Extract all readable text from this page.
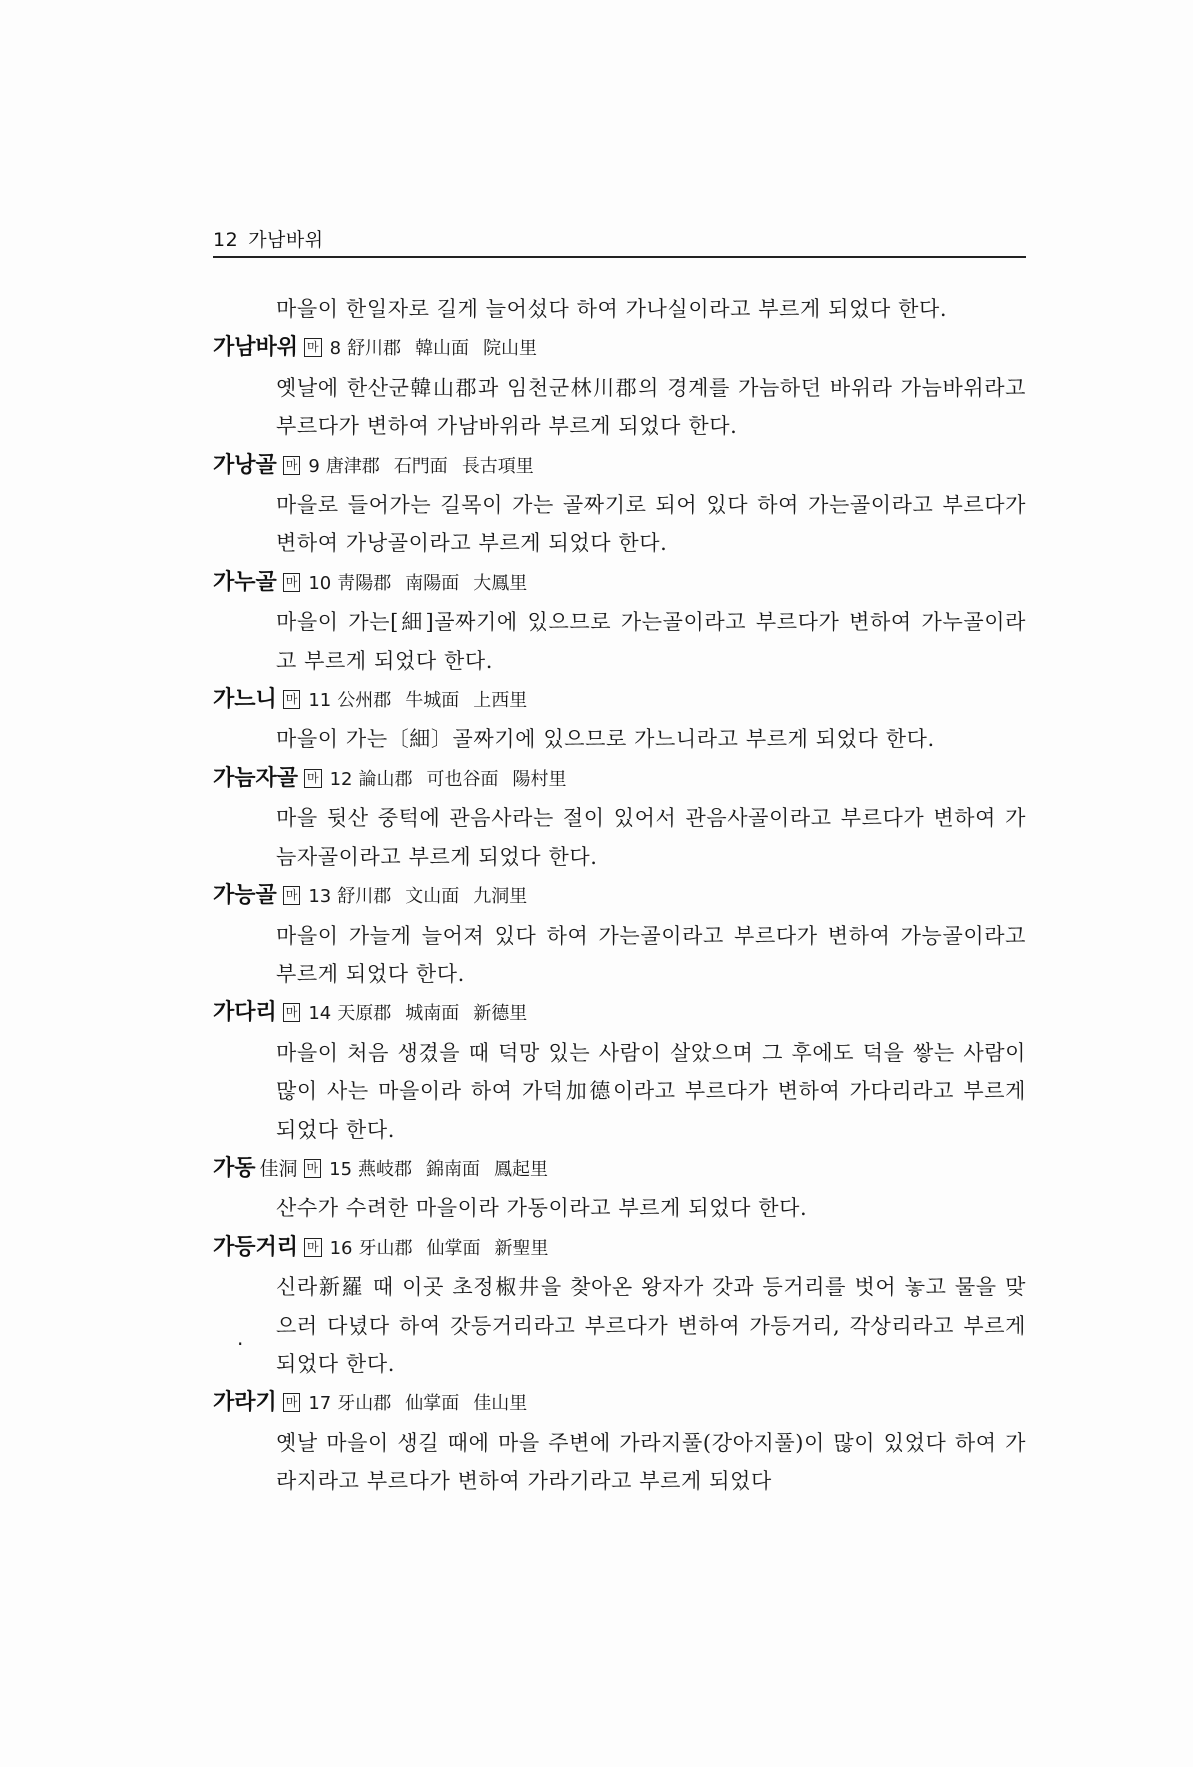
12 가남바위
마을이 한일자로 길게 늘어섰다 하여 가나실이라고 부르게 되었다 한다.
가남바위 마 8 舒川郡 韓山面 院山里
옛날에 한산군韓山郡과 임천군林川郡의 경계를 가늠하던 바위라 가늠바위라고 부르다가 변하여 가남바위라 부르게 되었다 한다.
가낭골 마 9 唐津郡 石門面 長古項里
마을로 들어가는 길목이 가는 골짜기로 되어 있다 하여 가는골이라고 부르다가 변하여 가낭골이라고 부르게 되었다 한다.
가누골 마 10 靑陽郡 南陽面 大鳳里
마을이 가는[細]골짜기에 있으므로 가는골이라고 부르다가 변하여 가누골이라고 부르게 되었다 한다.
가느니 마 11 公州郡 牛城面 上西里
마을이 가는〔細〕골짜기에 있으므로 가느니라고 부르게 되었다 한다.
가늠자골 마 12 論山郡 可也谷面 陽村里
마을 뒷산 중턱에 관음사라는 절이 있어서 관음사골이라고 부르다가 변하여 가늠자골이라고 부르게 되었다 한다.
가능골 마 13 舒川郡 文山面 九洞里
마을이 가늘게 늘어져 있다 하여 가는골이라고 부르다가 변하여 가능골이라고 부르게 되었다 한다.
가다리 마 14 天原郡 城南面 新德里
마을이 처음 생겼을 때 덕망 있는 사람이 살았으며 그 후에도 덕을 쌓는 사람이 많이 사는 마을이라 하여 가덕加德이라고 부르다가 변하여 가다리라고 부르게 되었다 한다.
가동 佳洞 마 15 燕岐郡 錦南面 鳳起里
산수가 수려한 마을이라 가동이라고 부르게 되었다 한다.
가등거리 마 16 牙山郡 仙掌面 新聖里
신라新羅 때 이곳 초정椒井을 찾아온 왕자가 갓과 등거리를 벗어 놓고 물을 맞으러 다녔다 하여 갓등거리라고 부르다가 변하여 가등거리, 각상리라고 부르게 되었다 한다.
가라기 마 17 牙山郡 仙掌面 佳山里
옛날 마을이 생길 때에 마을 주변에 가라지풀(강아지풀)이 많이 있었다 하여 가라지라고 부르다가 변하여 가라기라고 부르게 되었다
.
